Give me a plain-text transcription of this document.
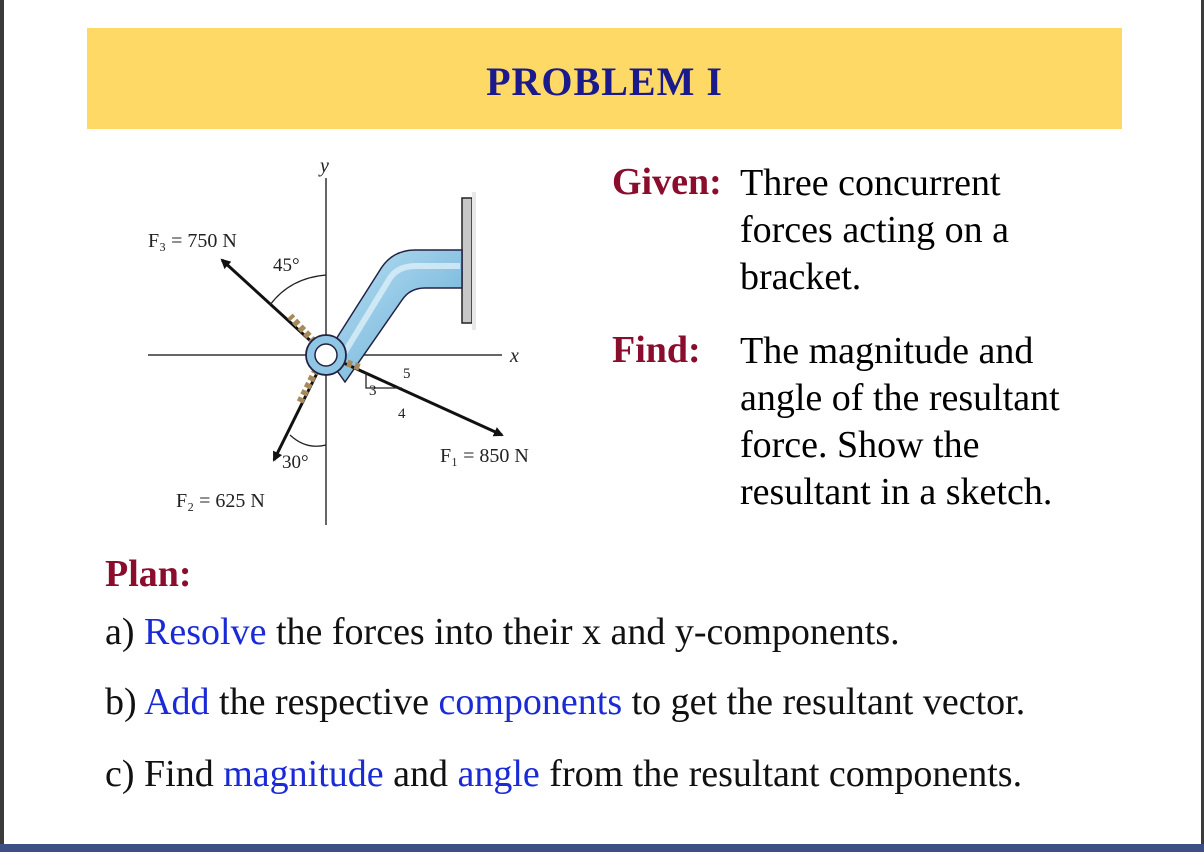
PROBLEM I
y
x
F₃ = 750 N
45°
30°
F₂ = 625 N
F₁ = 850 N
3
5
4
Given: Three concurrent forces acting on a bracket.
Find: The magnitude and angle of the resultant force. Show the resultant in a sketch.
Plan:
a) Resolve the forces into their x and y-components.
b) Add the respective components to get the resultant vector.
c) Find magnitude and angle from the resultant components.
